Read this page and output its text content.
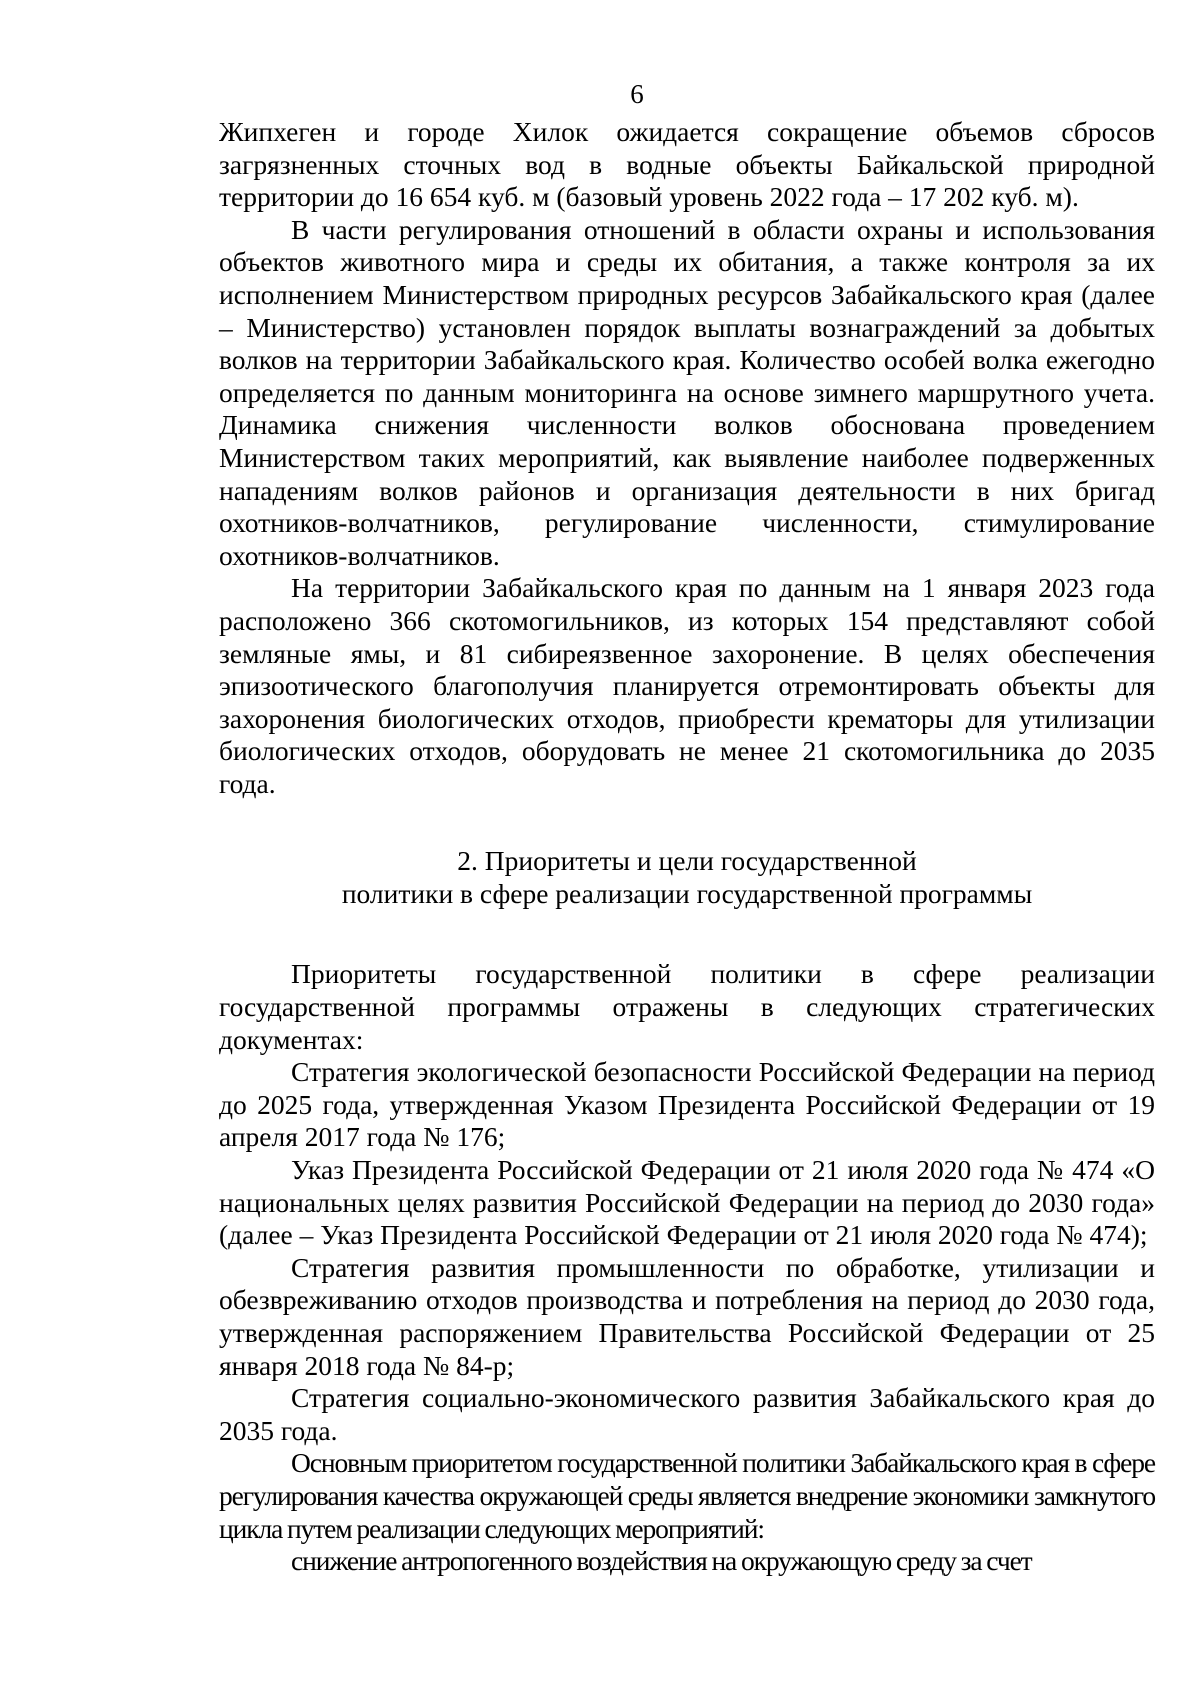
6

Жипхеген и городе Хилок ожидается сокращение объемов сбросов загрязненных сточных вод в водные объекты Байкальской природной территории до 16 654 куб. м (базовый уровень 2022 года – 17 202 куб. м).

В части регулирования отношений в области охраны и использования объектов животного мира и среды их обитания, а также контроля за их исполнением Министерством природных ресурсов Забайкальского края (далее – Министерство) установлен порядок выплаты вознаграждений за добытых волков на территории Забайкальского края. Количество особей волка ежегодно определяется по данным мониторинга на основе зимнего маршрутного учета. Динамика снижения численности волков обоснована проведением Министерством таких мероприятий, как выявление наиболее подверженных нападениям волков районов и организация деятельности в них бригад охотников-волчатников, регулирование численности, стимулирование охотников-волчатников.

На территории Забайкальского края по данным на 1 января 2023 года расположено 366 скотомогильников, из которых 154 представляют собой земляные ямы, и 81 сибиреязвенное захоронение. В целях обеспечения эпизоотического благополучия планируется отремонтировать объекты для захоронения биологических отходов, приобрести крематоры для утилизации биологических отходов, оборудовать не менее 21 скотомогильника до 2035 года.

2. Приоритеты и цели государственной
политики в сфере реализации государственной программы

Приоритеты государственной политики в сфере реализации государственной программы отражены в следующих стратегических документах:

Стратегия экологической безопасности Российской Федерации на период до 2025 года, утвержденная Указом Президента Российской Федерации от 19 апреля 2017 года № 176;

Указ Президента Российской Федерации от 21 июля 2020 года № 474 «О национальных целях развития Российской Федерации на период до 2030 года» (далее – Указ Президента Российской Федерации от 21 июля 2020 года № 474);

Стратегия развития промышленности по обработке, утилизации и обезвреживанию отходов производства и потребления на период до 2030 года, утвержденная распоряжением Правительства Российской Федерации от 25 января 2018 года № 84-р;

Стратегия социально-экономического развития Забайкальского края до 2035 года.

Основным приоритетом государственной политики Забайкальского края в сфере регулирования качества окружающей среды является внедрение экономики замкнутого цикла путем реализации следующих мероприятий:

снижение антропогенного воздействия на окружающую среду за счет
